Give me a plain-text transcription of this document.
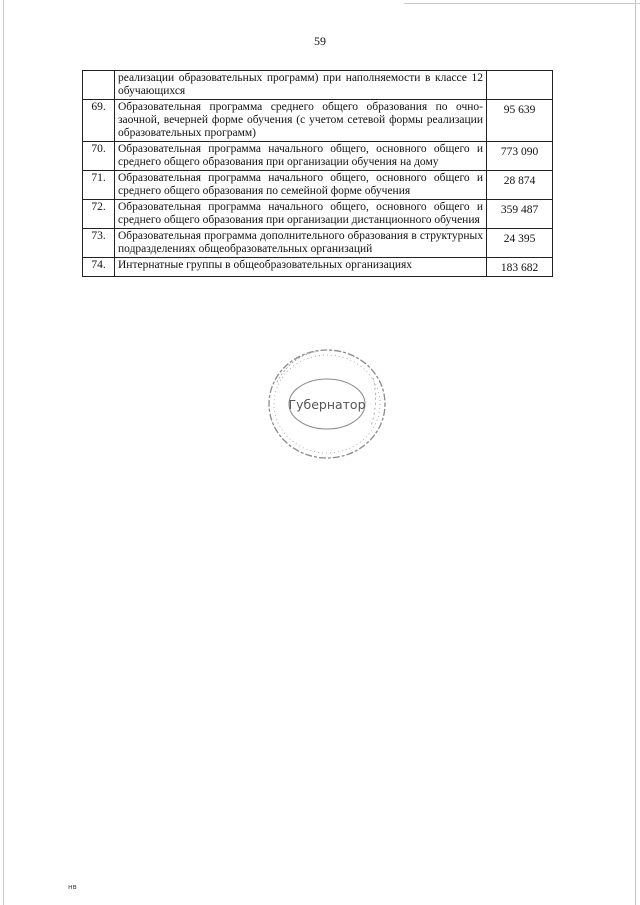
59
	реализации образовательных программ) при наполняемости в классе 12 обучающихся	
69.	Образовательная программа среднего общего образования по очно-заочной, вечерней форме обучения (с учетом сетевой формы реализации образовательных программ)	95 639
70.	Образовательная программа начального общего, основного общего и среднего общего образования при организации обучения на дому	773 090
71.	Образовательная программа начального общего, основного общего и среднего общего образования по семейной форме обучения	28 874
72.	Образовательная программа начального общего, основного общего и среднего общего образования при организации дистанционного обучения	359 487
73.	Образовательная программа дополнительного образования в структурных подразделениях общеобразовательных организаций	24 395
74.	Интернатные группы в общеобразовательных организациях	183 682
Губернатор
нв
